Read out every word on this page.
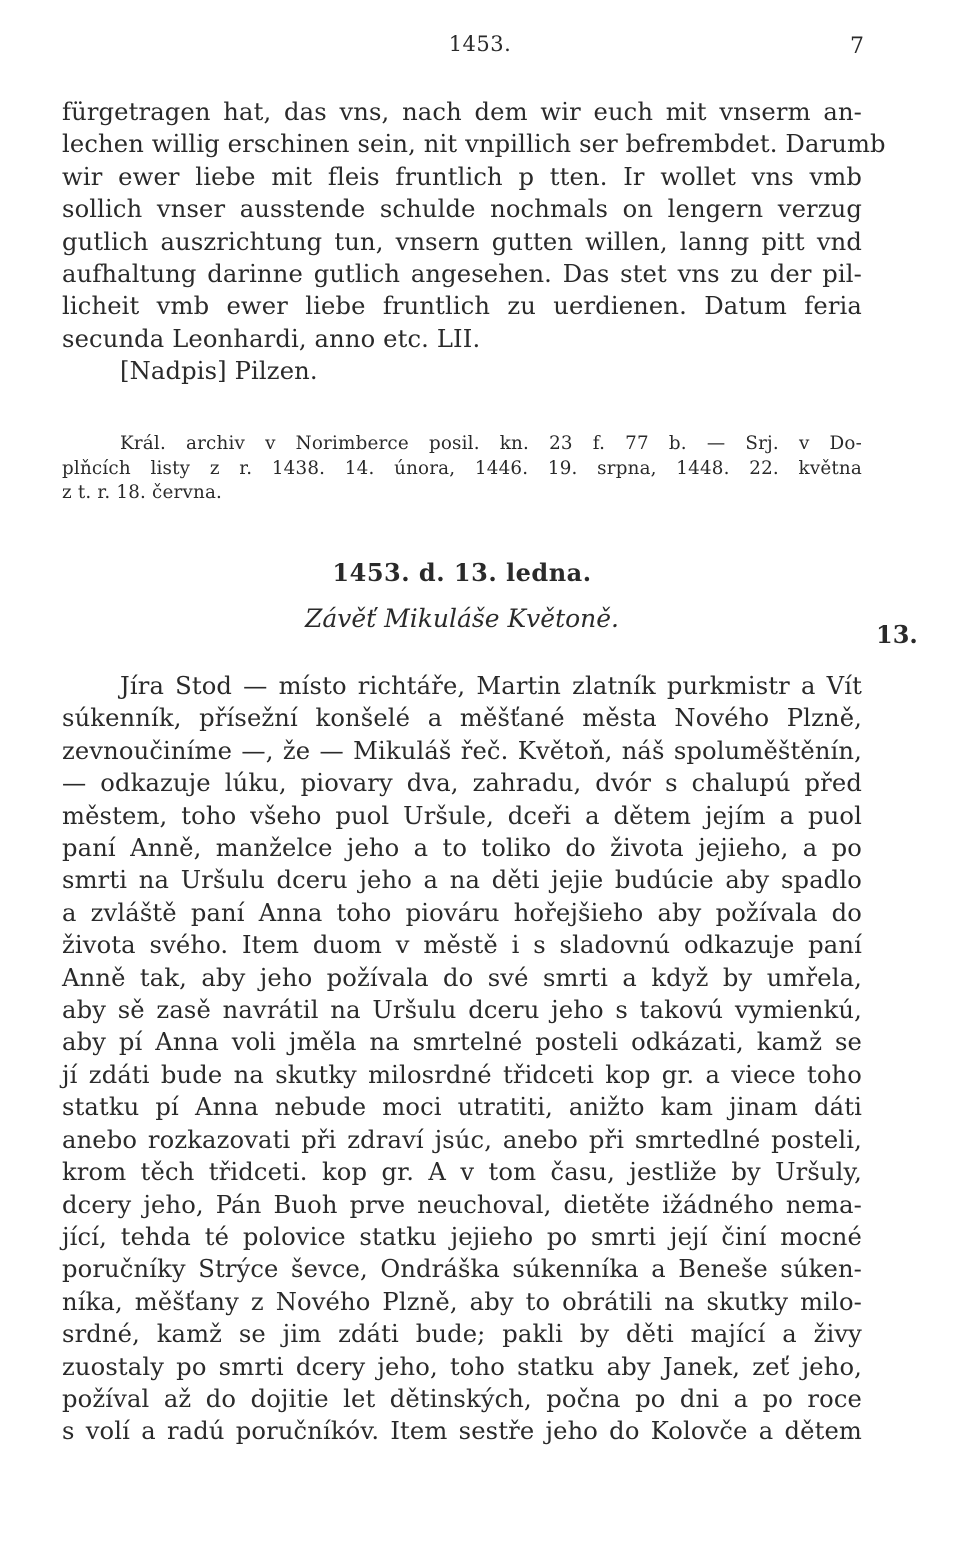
1453.	7
fürgetragen hat, das vns, nach dem wir euch mit vnserm an-
lechen willig erschinen sein, nit vnpillich ser befrembdet. Darumb
wir ewer liebe mit fleis fruntlich p tten. Ir wollet vns vmb
sollich vnser ausstende schulde nochmals on lengern verzug
gutlich auszrichtung tun, vnsern gutten willen, lanng pitt vnd
aufhaltung darinne gutlich angesehen. Das stet vns zu der pil-
licheit vmb ewer liebe fruntlich zu uerdienen. Datum feria
secunda Leonhardi, anno etc. LII.
[Nadpis] Pilzen.
Král. archiv v Norimberce posil. kn. 23 f. 77 b. — Srj. v Do-
plňcích listy z r. 1438. 14. února, 1446. 19. srpna, 1448. 22. května
z t. r. 18. června.
1453. d. 13. ledna.
Závěť Mikuláše Květoně.
13.
Jíra Stod — místo richtáře, Martin zlatník purkmistr a Vít
súkenník, přísežní konšelé a měšťané města Nového Plzně,
zevnoučiníme —, že — Mikuláš řeč. Květoň, náš spoluměštěnín,
— odkazuje lúku, piovary dva, zahradu, dvór s chalupú před
městem, toho všeho puol Uršule, dceři a dětem jejím a puol
paní Anně, manželce jeho a to toliko do života jejieho, a po
smrti na Uršulu dceru jeho a na děti jejie budúcie aby spadlo
a zvláště paní Anna toho piováru hořejšieho aby požívala do
života svého. Item duom v městě i s sladovnú odkazuje paní
Anně tak, aby jeho požívala do své smrti a když by umřela,
aby sě zasě navrátil na Uršulu dceru jeho s takovú vymienkú,
aby pí Anna voli jměla na smrtelné posteli odkázati, kamž se
jí zdáti bude na skutky milosrdné třidceti kop gr. a viece toho
statku pí Anna nebude moci utratiti, anižto kam jinam dáti
anebo rozkazovati při zdraví jsúc, anebo při smrtedlné posteli,
krom těch třidceti. kop gr. A v tom času, jestliže by Uršuly,
dcery jeho, Pán Buoh prve neuchoval, dietěte ižádného nema-
jící, tehda té polovice statku jejieho po smrti její činí mocné
poručníky Strýce ševce, Ondráška súkenníka a Beneše súken-
níka, měšťany z Nového Plzně, aby to obrátili na skutky milo-
srdné, kamž se jim zdáti bude; pakli by děti mající a živy
zuostaly po smrti dcery jeho, toho statku aby Janek, zeť jeho,
požíval až do dojitie let dětinských, počna po dni a po roce
s volí a radú poručníkóv. Item sestře jeho do Kolovče a dětem
